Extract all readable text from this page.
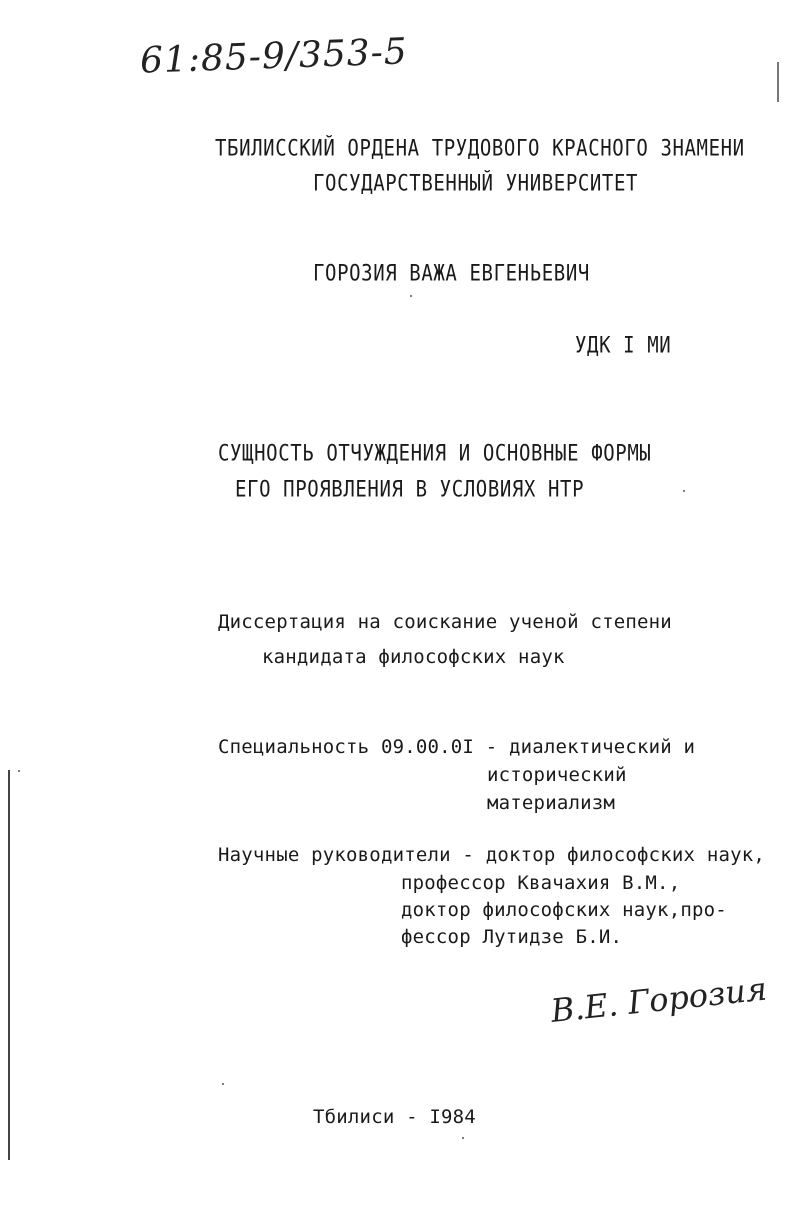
61:85-9/353-5
ТБИЛИССКИЙ ОРДЕНА ТРУДОВОГО КРАСНОГО ЗНАМЕНИ
ГОСУДАРСТВЕННЫЙ УНИВЕРСИТЕТ
ГОРОЗИЯ ВАЖА ЕВГЕНЬЕВИЧ
УДК I МИ
СУЩНОСТЬ ОТЧУЖДЕНИЯ И ОСНОВНЫЕ ФОРМЫ
ЕГО ПРОЯВЛЕНИЯ В УСЛОВИЯХ НТР
Диссертация на соискание ученой степени
кандидата философских наук
Специальность 09.00.0I - диалектический и
исторический
материализм
Научные руководители - доктор философских наук,
профессор Квачахия В.М.,
доктор философских наук,про-
фессор Лутидзе Б.И.
В.Е. Горозия
Тбилиси - I984
